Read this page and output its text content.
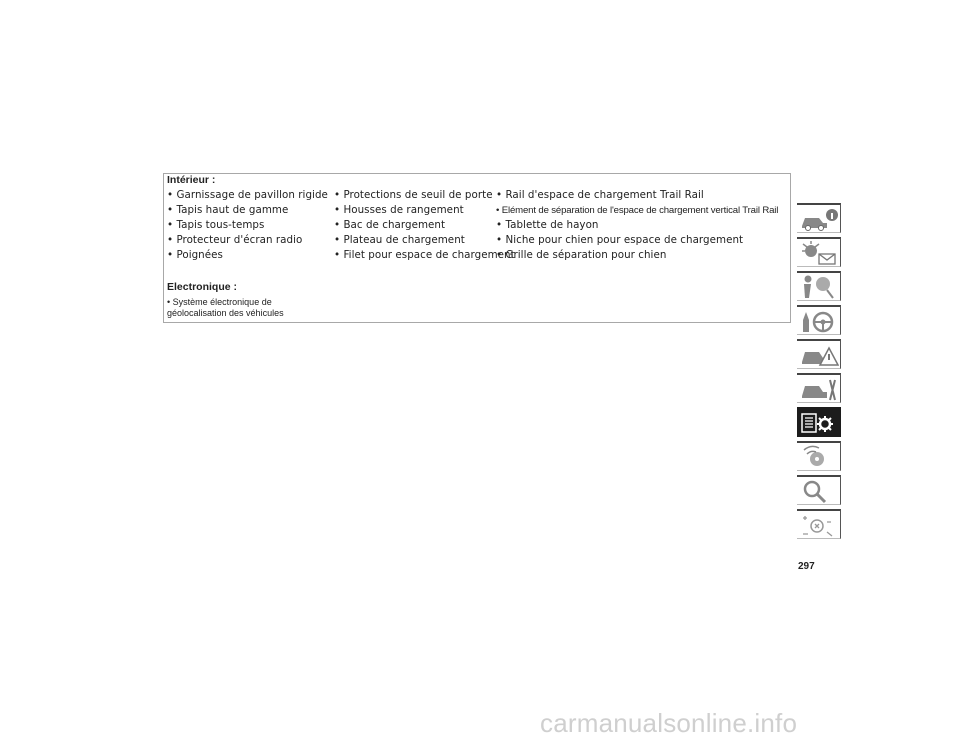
Intérieur :
• Garnissage de pavillon rigide
• Tapis haut de gamme
• Tapis tous-temps
• Protecteur d'écran radio
• Poignées
• Protections de seuil de porte
• Housses de rangement
• Bac de chargement
• Plateau de chargement
• Filet pour espace de chargement
• Rail d'espace de chargement Trail Rail
• Elément de séparation de l'espace de chargement vertical Trail Rail
• Tablette de hayon
• Niche pour chien pour espace de chargement
• Grille de séparation pour chien
Electronique :
• Système électronique de
géolocalisation des véhicules
297
carmanualsonline.info
